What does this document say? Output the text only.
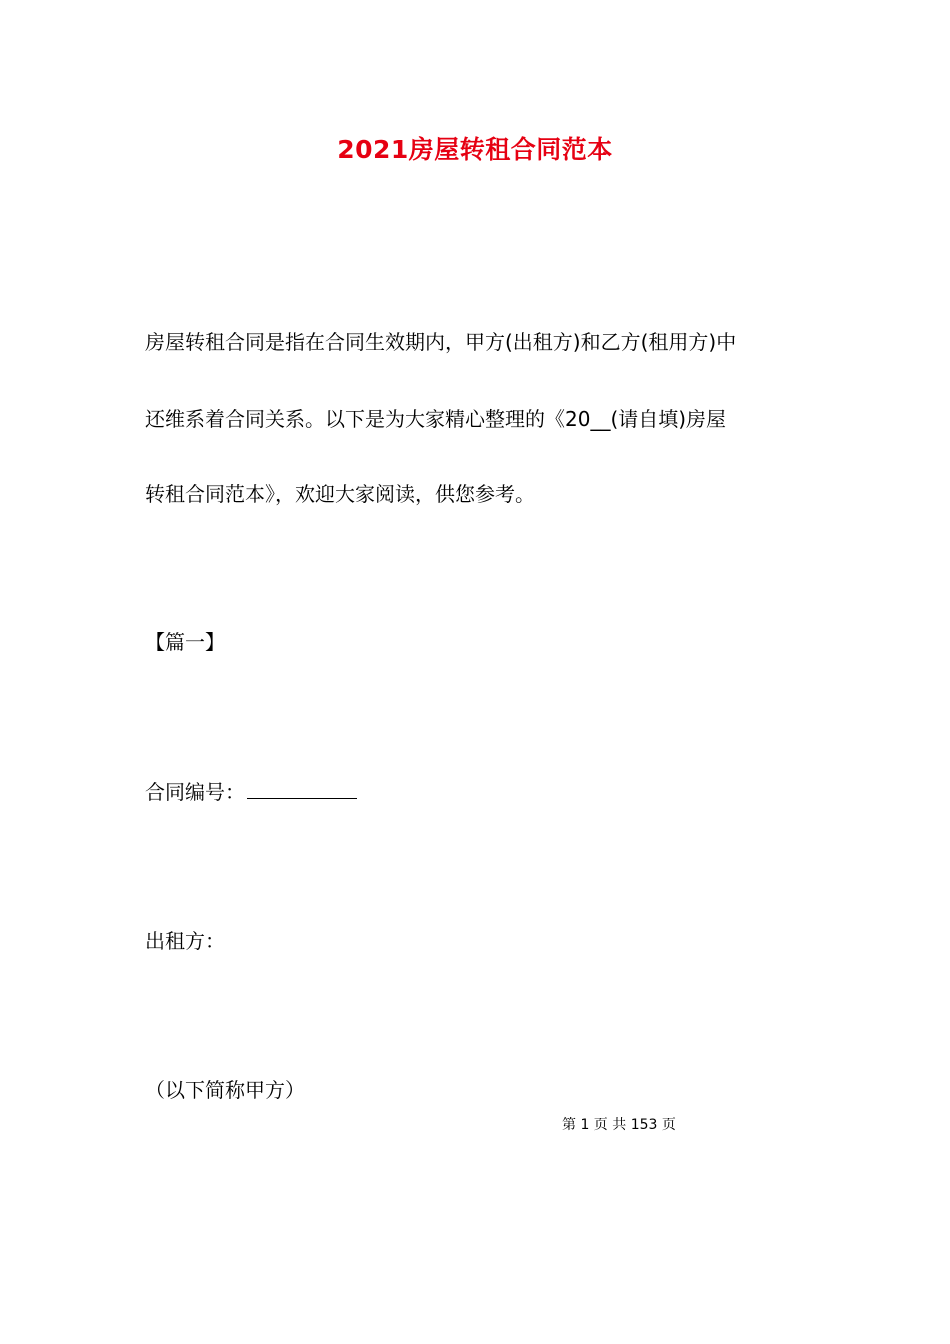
2021房屋转租合同范本
房屋转租合同是指在合同生效期内，甲方(出租方)和乙方(租用方)中
还维系着合同关系。以下是为大家精心整理的《20__(请自填)房屋
转租合同范本》，欢迎大家阅读，供您参考。
【篇一】
合同编号：
出租方：
（以下简称甲方）
第 1 页 共 153 页
